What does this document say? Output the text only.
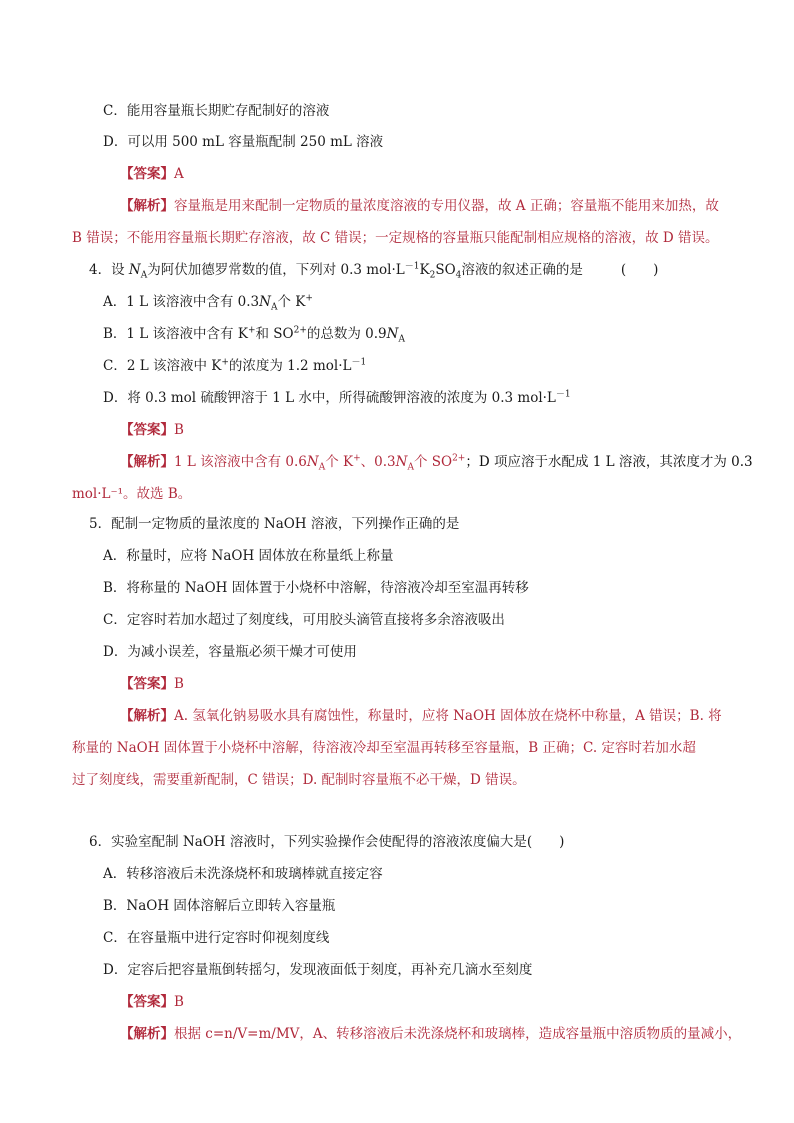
C．能用容量瓶长期贮存配制好的溶液
D．可以用 500 mL 容量瓶配制 250 mL 溶液
【答案】A
【解析】容量瓶是用来配制一定物质的量浓度溶液的专用仪器，故 A 正确；容量瓶不能用来加热，故
B 错误；不能用容量瓶长期贮存溶液，故 C 错误；一定规格的容量瓶只能配制相应规格的溶液，故 D 错误。
4．设 $N_A$为阿伏加德罗常数的值，下列对 0.3 $mol\cdot L^{-1}K_2SO_4$溶液的叙述正确的是	(　　)
A．1 L 该溶液中含有 $0.3N_A$个 K+
B．1 L 该溶液中含有 K+和 $SO^{2+}$的总数为 $0.9N_A$
C．2 L 该溶液中 K+的浓度为 1.2 $mol\cdot L^{-1}$
D．将 0.3 mol 硫酸钾溶于 1 L 水中，所得硫酸钾溶液的浓度为 0.3 $mol\cdot L^{-1}$
【答案】B
【解析】1 L 该溶液中含有 $0.6N_A$个 K+、$0.3N_A$个 $SO^{2+}$；D 项应溶于水配成 1 L 溶液，其浓度才为 0.3
mol·L⁻¹。故选 B。
5．配制一定物质的量浓度的 NaOH 溶液，下列操作正确的是
A．称量时，应将 NaOH 固体放在称量纸上称量
B．将称量的 NaOH 固体置于小烧杯中溶解，待溶液冷却至室温再转移
C．定容时若加水超过了刻度线，可用胶头滴管直接将多余溶液吸出
D．为减小误差，容量瓶必须干燥才可使用
【答案】B
【解析】A. 氢氧化钠易吸水具有腐蚀性，称量时，应将 NaOH 固体放在烧杯中称量，A 错误；B. 将
称量的 NaOH 固体置于小烧杯中溶解，待溶液冷却至室温再转移至容量瓶，B 正确；C. 定容时若加水超
过了刻度线，需要重新配制，C 错误；D. 配制时容量瓶不必干燥，D 错误。
6．实验室配制 NaOH 溶液时，下列实验操作会使配得的溶液浓度偏大是(　　)
A．转移溶液后未洗涤烧杯和玻璃棒就直接定容
B．NaOH 固体溶解后立即转入容量瓶
C．在容量瓶中进行定容时仰视刻度线
D．定容后把容量瓶倒转摇匀，发现液面低于刻度，再补充几滴水至刻度
【答案】B
【解析】根据 c=n/V=m/MV，A、转移溶液后未洗涤烧杯和玻璃棒，造成容量瓶中溶质物质的量减小，
